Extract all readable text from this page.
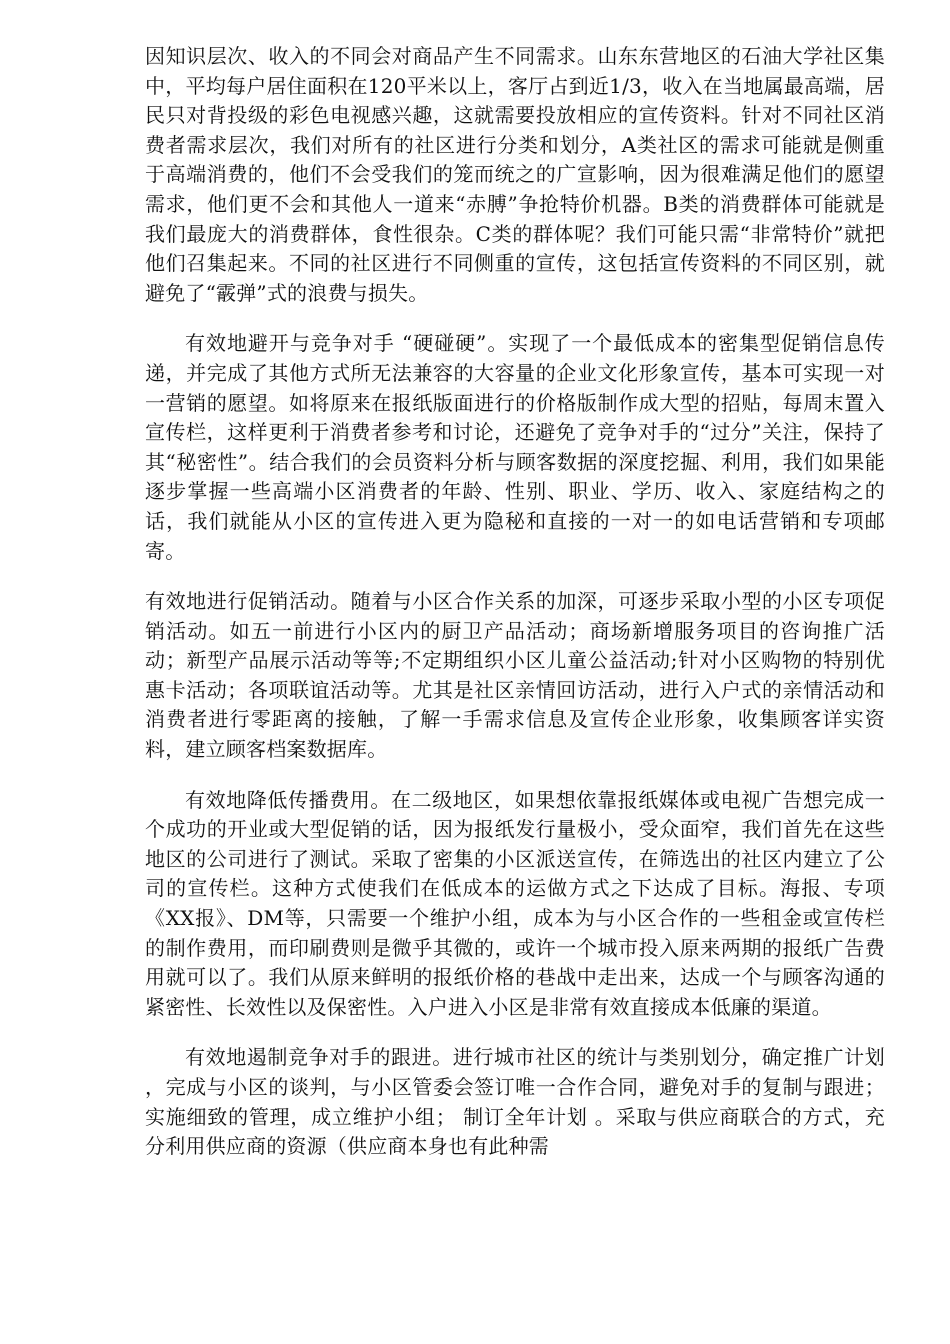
因知识层次、收入的不同会对商品产生不同需求。山东东营地区的石油大学社区集中，平均每户居住面积在120平米以上，客厅占到近1/3，收入在当地属最高端，居民只对背投级的彩色电视感兴趣，这就需要投放相应的宣传资料。针对不同社区消费者需求层次，我们对所有的社区进行分类和划分，A类社区的需求可能就是侧重于高端消费的，他们不会受我们的笼而统之的广宣影响，因为很难满足他们的愿望需求，他们更不会和其他人一道来“赤膊”争抢特价机器。B类的消费群体可能就是我们最庞大的消费群体，食性很杂。C类的群体呢？我们可能只需“非常特价”就把他们召集起来。不同的社区进行不同侧重的宣传，这包括宣传资料的不同区别，就避免了“霰弹”式的浪费与损失。

有效地避开与竞争对手 “硬碰硬”。实现了一个最低成本的密集型促销信息传递，并完成了其他方式所无法兼容的大容量的企业文化形象宣传，基本可实现一对一营销的愿望。如将原来在报纸版面进行的价格版制作成大型的招贴，每周末置入宣传栏，这样更利于消费者参考和讨论，还避免了竞争对手的“过分”关注，保持了其“秘密性”。结合我们的会员资料分析与顾客数据的深度挖掘、利用，我们如果能逐步掌握一些高端小区消费者的年龄、性别、职业、学历、收入、家庭结构之的话，我们就能从小区的宣传进入更为隐秘和直接的一对一的如电话营销和专项邮寄。

有效地进行促销活动。随着与小区合作关系的加深，可逐步采取小型的小区专项促销活动。如五一前进行小区内的厨卫产品活动；商场新增服务项目的咨询推广活动；新型产品展示活动等等;不定期组织小区儿童公益活动;针对小区购物的特别优惠卡活动；各项联谊活动等。尤其是社区亲情回访活动，进行入户式的亲情活动和消费者进行零距离的接触，了解一手需求信息及宣传企业形象，收集顾客详实资料，建立顾客档案数据库。

有效地降低传播费用。在二级地区，如果想依靠报纸媒体或电视广告想完成一个成功的开业或大型促销的话，因为报纸发行量极小，受众面窄，我们首先在这些地区的公司进行了测试。采取了密集的小区派送宣传，在筛选出的社区内建立了公司的宣传栏。这种方式使我们在低成本的运做方式之下达成了目标。海报、专项《XX报》、DM等，只需要一个维护小组，成本为与小区合作的一些租金或宣传栏的制作费用，而印刷费则是微乎其微的，或许一个城市投入原来两期的报纸广告费用就可以了。我们从原来鲜明的报纸价格的巷战中走出来，达成一个与顾客沟通的紧密性、长效性以及保密性。入户进入小区是非常有效直接成本低廉的渠道。

有效地遏制竞争对手的跟进。进行城市社区的统计与类别划分，确定推广计划 ，完成与小区的谈判，与小区管委会签订唯一合作合同，避免对手的复制与跟进；实施细致的管理，成立维护小组； 制订全年计划 。采取与供应商联合的方式，充分利用供应商的资源（供应商本身也有此种需
